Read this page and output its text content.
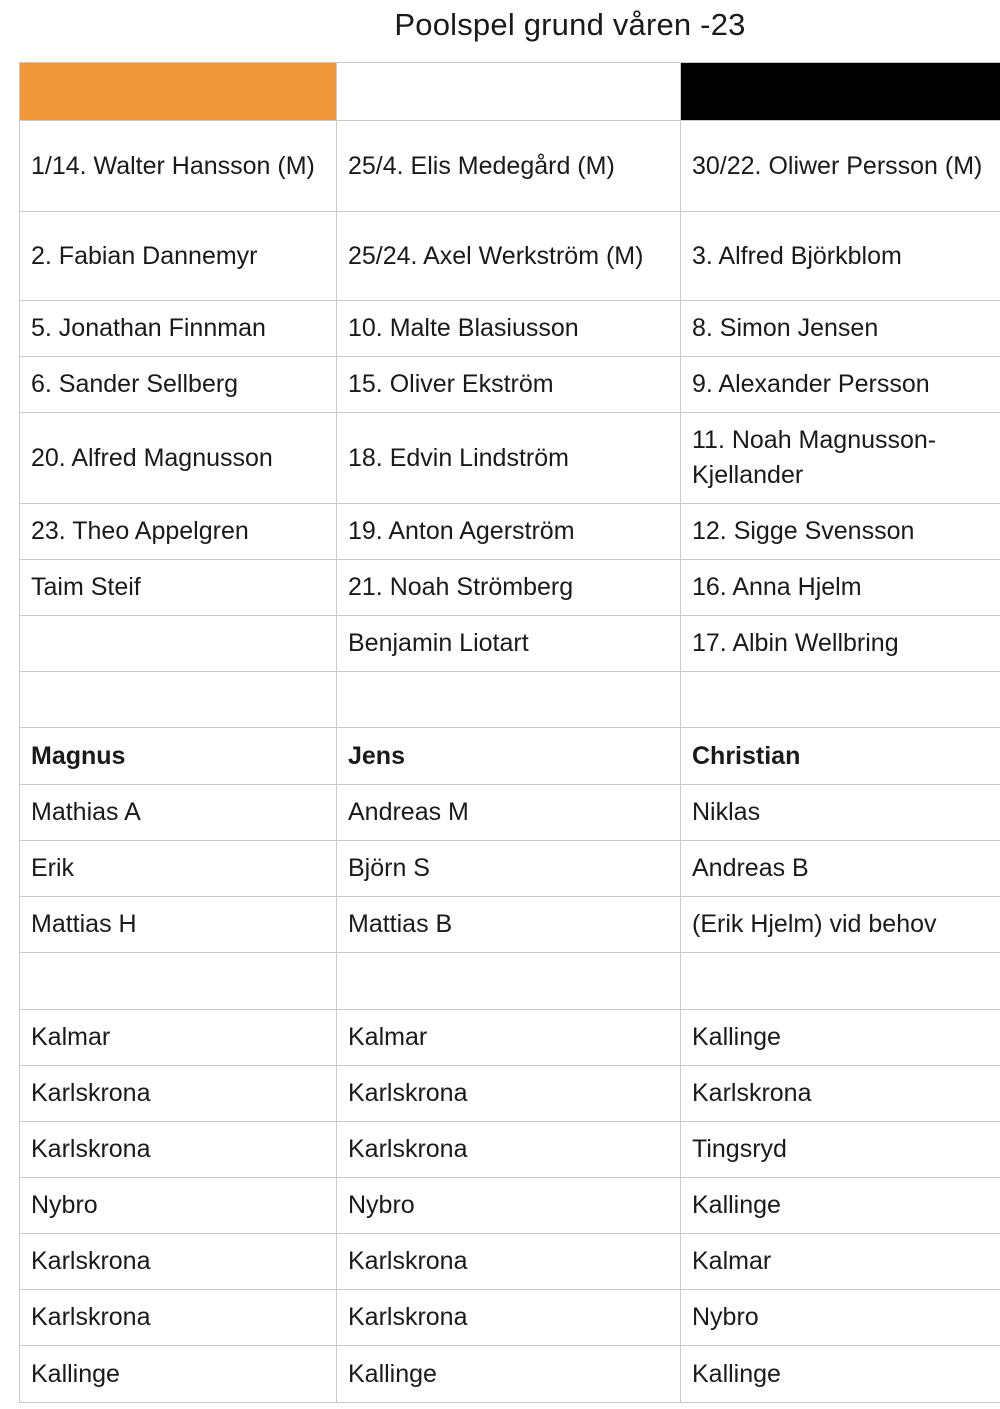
Poolspel grund våren -23

1/14. Walter Hansson (M)	25/4. Elis Medegård (M)	30/22. Oliwer Persson (M)
2. Fabian Dannemyr	25/24. Axel Werkström (M)	3. Alfred Björkblom
5. Jonathan Finnman	10. Malte Blasiusson	8. Simon Jensen
6. Sander Sellberg	15. Oliver Ekström	9. Alexander Persson
20. Alfred Magnusson	18. Edvin Lindström	11. Noah Magnusson-Kjellander
23. Theo Appelgren	19. Anton Agerström	12. Sigge Svensson
Taim Steif	21. Noah Strömberg	16. Anna Hjelm
	Benjamin Liotart	17. Albin Wellbring

Magnus	Jens	Christian
Mathias A	Andreas M	Niklas
Erik	Björn S	Andreas B
Mattias H	Mattias B	(Erik Hjelm) vid behov

Kalmar	Kalmar	Kallinge
Karlskrona	Karlskrona	Karlskrona
Karlskrona	Karlskrona	Tingsryd
Nybro	Nybro	Kallinge
Karlskrona	Karlskrona	Kalmar
Karlskrona	Karlskrona	Nybro
Kallinge	Kallinge	Kallinge
